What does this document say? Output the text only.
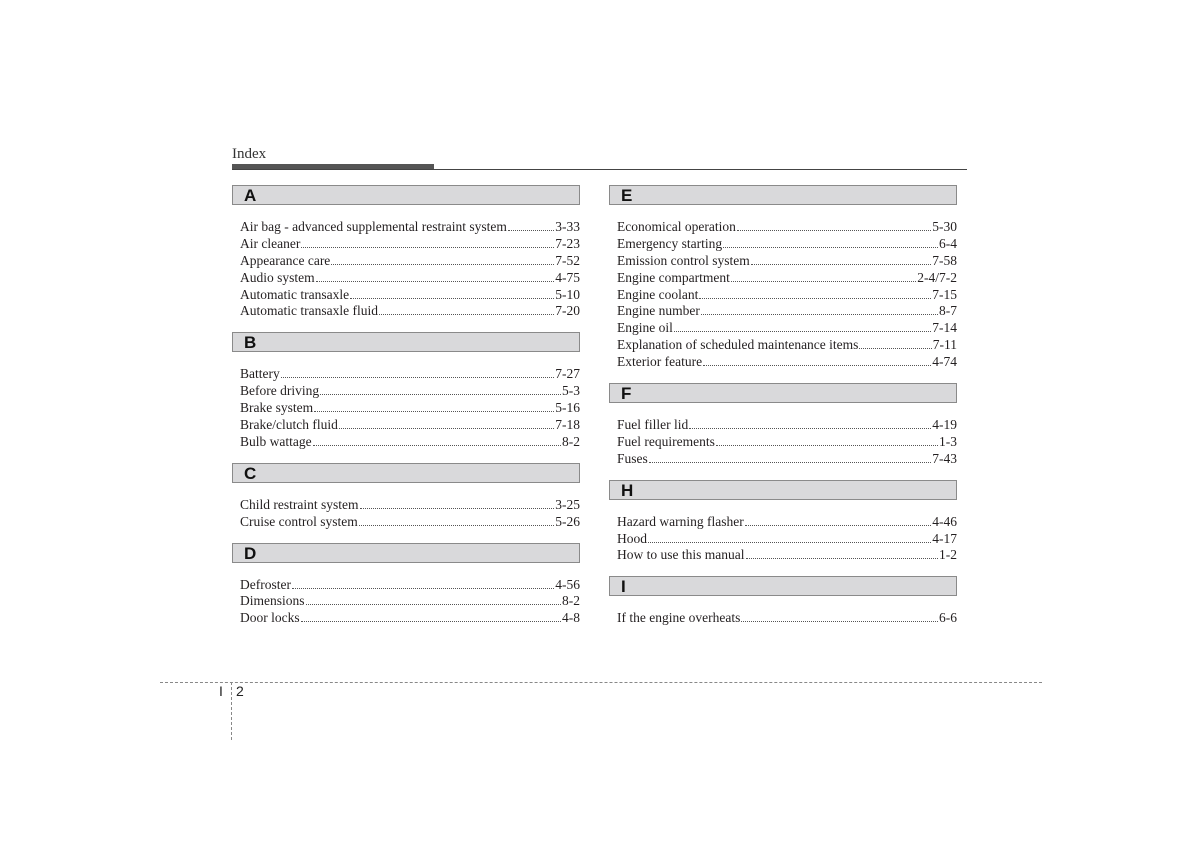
Index
A
Air bag - advanced supplemental restraint system	3-33
Air cleaner	7-23
Appearance care	7-52
Audio system	4-75
Automatic transaxle	5-10
Automatic transaxle fluid	7-20
B
Battery	7-27
Before driving	5-3
Brake system	5-16
Brake/clutch fluid	7-18
Bulb wattage	8-2
C
Child restraint system	3-25
Cruise control system	5-26
D
Defroster	4-56
Dimensions	8-2
Door locks	4-8
E
Economical operation	5-30
Emergency starting	6-4
Emission control system	7-58
Engine compartment	2-4/7-2
Engine coolant	7-15
Engine number	8-7
Engine oil	7-14
Explanation of scheduled maintenance items	7-11
Exterior feature	4-74
F
Fuel filler lid	4-19
Fuel requirements	1-3
Fuses	7-43
H
Hazard warning flasher	4-46
Hood	4-17
How to use this manual	1-2
I
If the engine overheats	6-6
I 2
